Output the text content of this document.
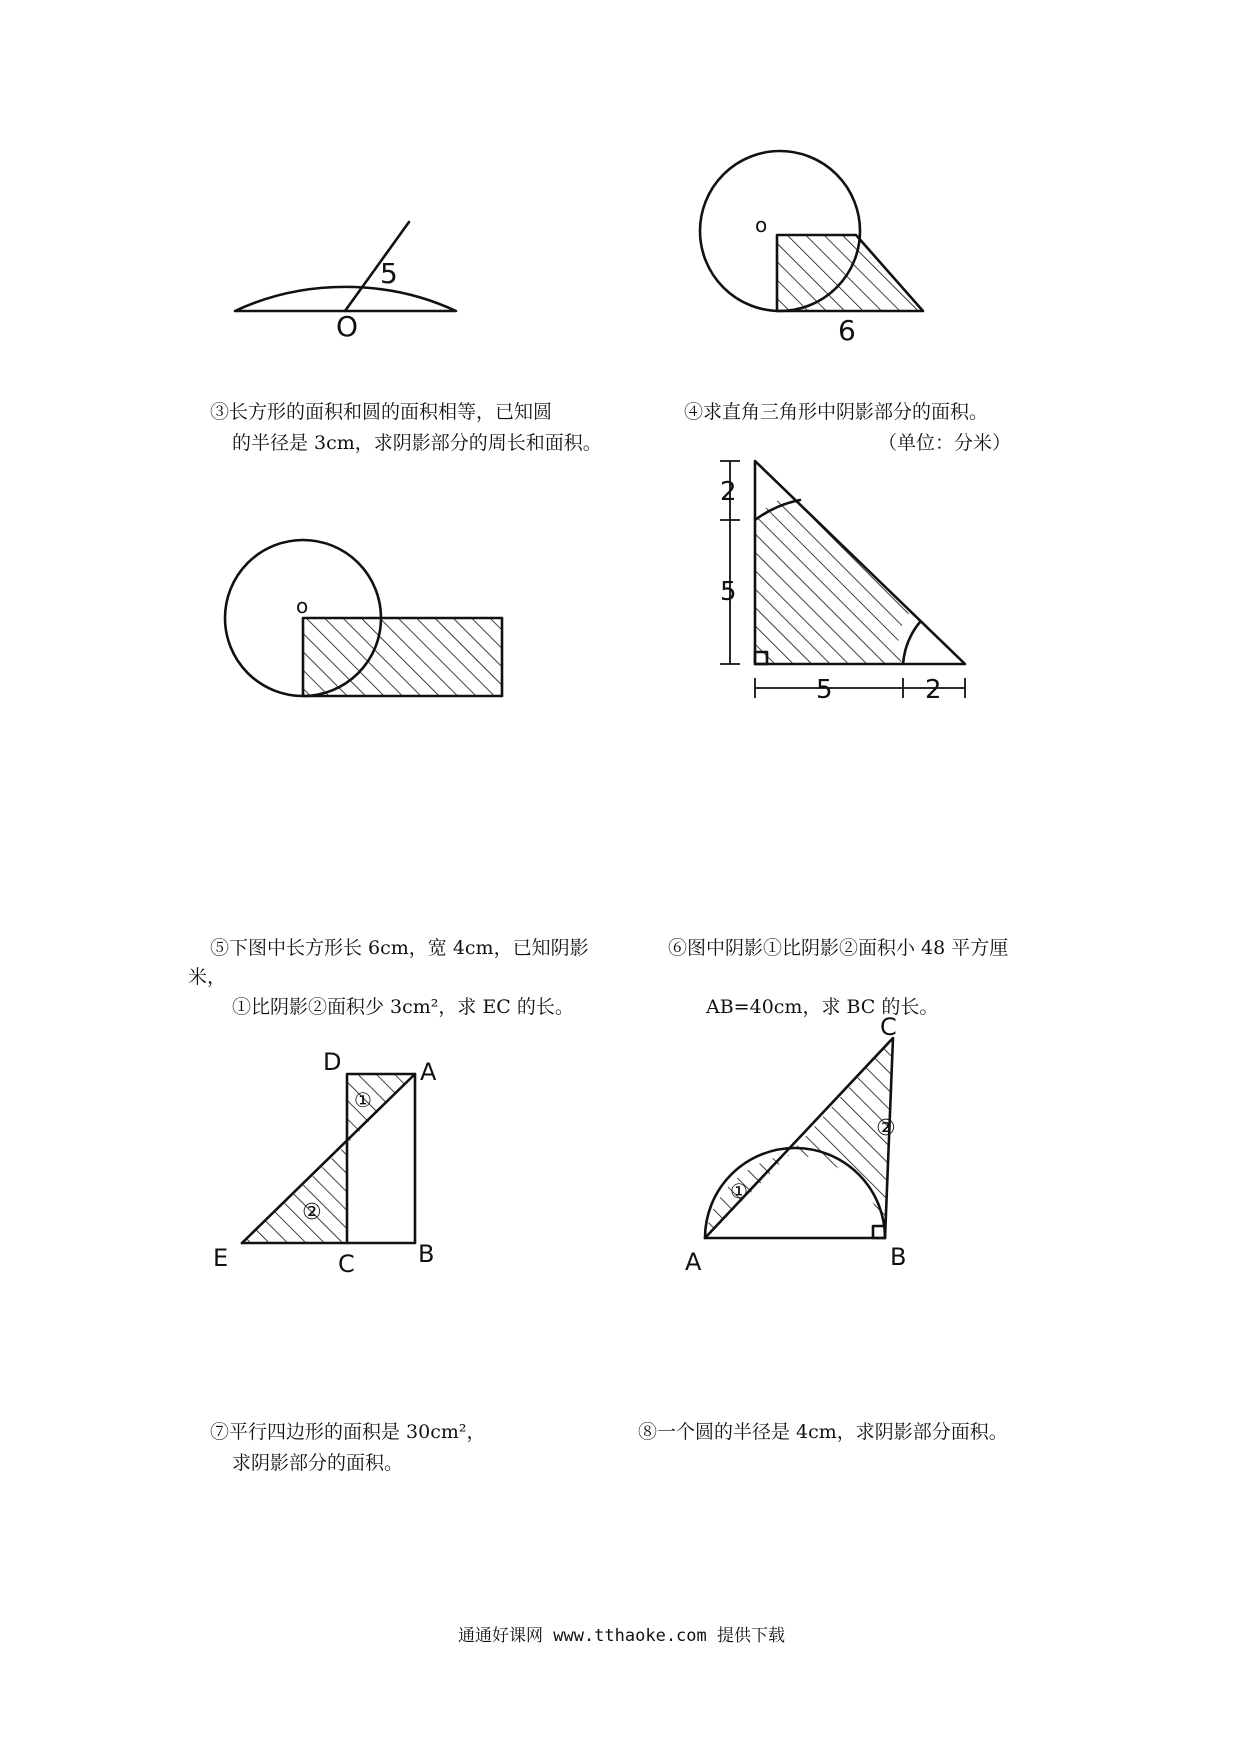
5
O
o
6
o
2
5
5	2
D	A
E	C	B
①
②
C
A	B
①
②
③长方形的面积和圆的面积相等，已知圆
的半径是 3cm，求阴影部分的周长和面积。
④求直角三角形中阴影部分的面积。
（单位：分米）
⑤下图中长方形长 6cm，宽 4cm，已知阴影
米，
①比阴影②面积少 3cm²，求 EC 的长。
⑥图中阴影①比阴影②面积小 48 平方厘
AB=40cm，求 BC 的长。
⑦平行四边形的面积是 30cm²，
求阴影部分的面积。
⑧一个圆的半径是 4cm，求阴影部分面积。
通通好课网 www.tthaoke.com 提供下载
